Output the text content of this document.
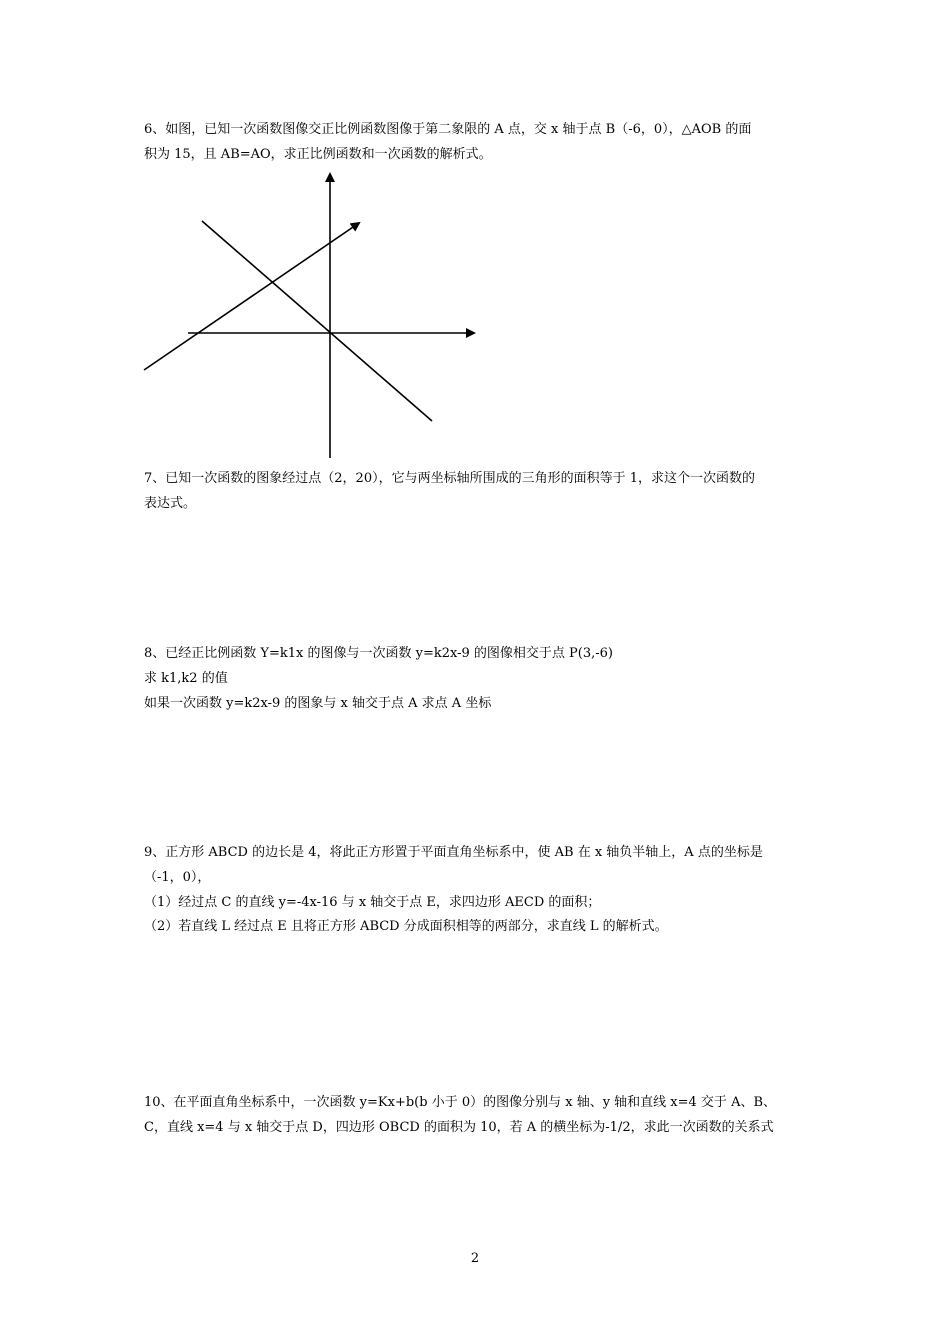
6、如图，已知一次函数图像交正比例函数图像于第二象限的 A 点，交 x 轴于点 B（-6，0），△AOB 的面
积为 15，且 AB=AO，求正比例函数和一次函数的解析式。
7、已知一次函数的图象经过点（2，20），它与两坐标轴所围成的三角形的面积等于 1，求这个一次函数的
表达式。
8、已经正比例函数 Y=k1x 的图像与一次函数 y=k2x-9 的图像相交于点 P(3,-6)
求 k1,k2 的值
如果一次函数 y=k2x-9 的图象与 x 轴交于点 A 求点 A 坐标
9、正方形 ABCD 的边长是 4，将此正方形置于平面直角坐标系中，使 AB 在 x 轴负半轴上，A 点的坐标是
（-1，0），
（1）经过点 C 的直线 y=-4x-16 与 x 轴交于点 E，求四边形 AECD 的面积；
（2）若直线 L 经过点 E 且将正方形 ABCD 分成面积相等的两部分，求直线 L 的解析式。
10、在平面直角坐标系中，一次函数 y=Kx+b(b 小于 0）的图像分别与 x 轴、y 轴和直线 x=4 交于 A、B、
C，直线 x=4 与 x 轴交于点 D，四边形 OBCD 的面积为 10，若 A 的横坐标为-1/2，求此一次函数的关系式
2
